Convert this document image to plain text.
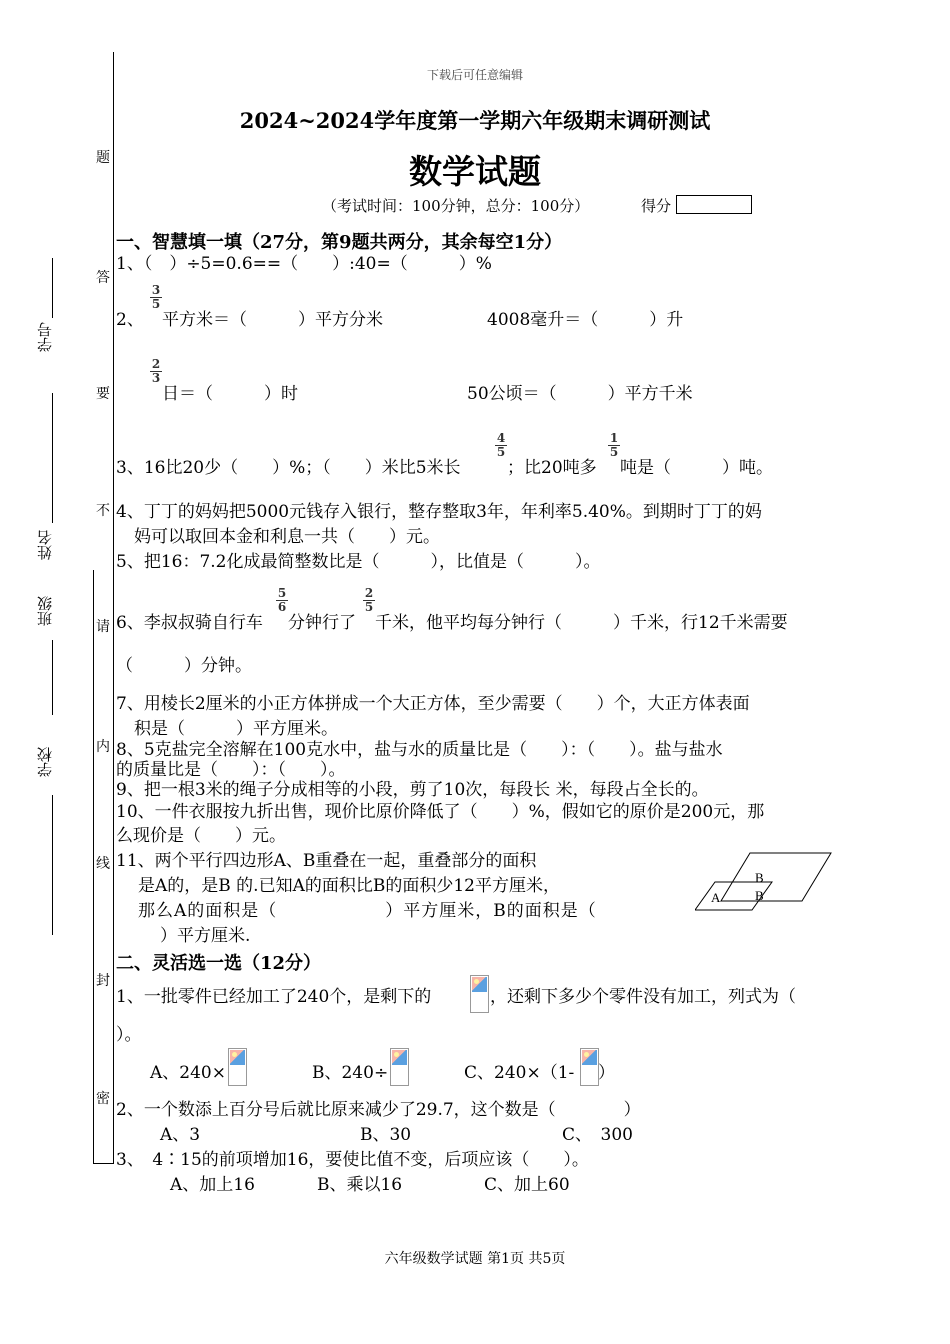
学号
姓名
班级
学校
题
答
要
不
请
内
线
封
密
下载后可任意编辑
2024~2024学年度第一学期六年级期末调研测试
数学试题
（考试时间：100分钟，总分：100分）	得分
一、智慧填一填（27分，第9题共两分，其余每空1分）
1、（　）÷5=0.6==（　　）:40=（　　　）%
2、
$\frac{3}{5}$
平方米＝（　　　）平方分米	4008毫升＝（　　　）升
$\frac{2}{3}$
日＝（　　　）时	50公顷＝（　　　）平方千米
3、16比20少（　　）%；（　　）米比5米长
$\frac{4}{5}$
；比20吨多
$\frac{1}{5}$
吨是（　　　）吨。
4、丁丁的妈妈把5000元钱存入银行，整存整取3年，年利率5.40%。到期时丁丁的妈
妈可以取回本金和利息一共（　　）元。
5、把16：7.2化成最简整数比是（　　　），比值是（　　　）。
6、李叔叔骑自行车
$\frac{5}{6}$
分钟行了
$\frac{2}{5}$
千米，他平均每分钟行（　　　）千米，行12千米需要
（　　　）分钟。
7、用棱长2厘米的小正方体拼成一个大正方体，至少需要（　　）个，大正方体表面
积是（　　　）平方厘米。
8、5克盐完全溶解在100克水中，盐与水的质量比是（　　）：（　　）。盐与盐水
的质量比是（　　）：（　　）。
9、把一根3米的绳子分成相等的小段，剪了10次，每段长 米，每段占全长的。
10、一件衣服按九折出售，现价比原价降低了（　　）%，假如它的原价是200元，那
么现价是（　　）元。
11、两个平行四边形A、B重叠在一起，重叠部分的面积
是A的，是B 的.已知A的面积比B的面积少12平方厘米，
那么A的面积是（　　　　　　）平方厘米，B的面积是（
）平方厘米.
A
B
B
二、灵活选一选（12分）
1、一批零件已经加工了240个，是剩下的	，还剩下多少个零件没有加工，列式为（
）。
A、240×	B、240÷	C、240×（1- ）
2、一个数添上百分号后就比原来减少了29.7，这个数是（　　　　）
A、3	B、30	C、　300
3、　4∶15的前项增加16，要使比值不变，后项应该（　　）。
A、加上16	B、乘以16	C、加上60
六年级数学试题 第1页 共5页
